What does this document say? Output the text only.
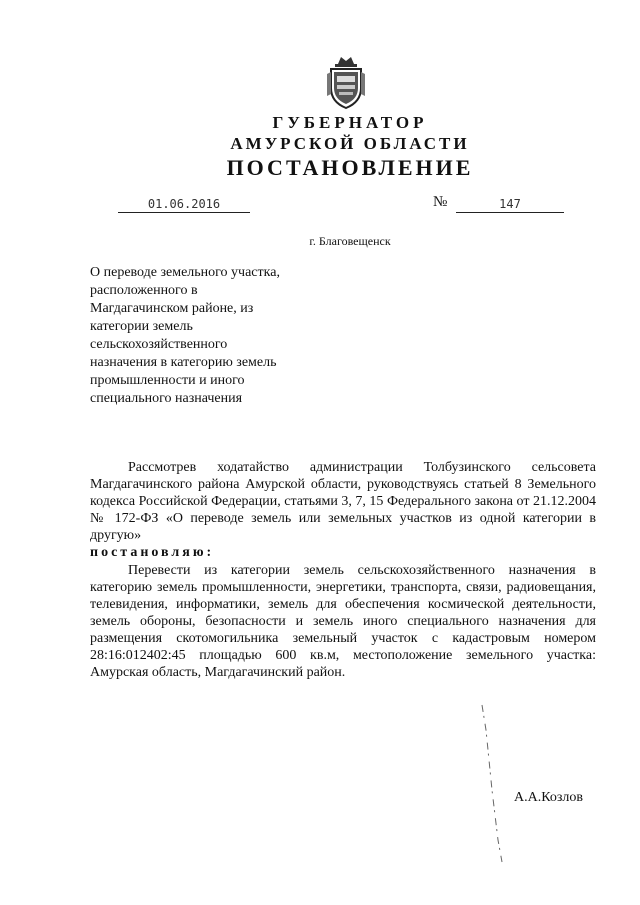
ГУБЕРНАТОР
АМУРСКОЙ ОБЛАСТИ
ПОСТАНОВЛЕНИЕ
01.06.2016	№	147
г. Благовещенск
О переводе земельного участка,
расположенного в
Магдагачинском районе, из
категории земель
сельскохозяйственного
назначения в категорию земель
промышленности и иного
специального назначения
Рассмотрев ходатайство администрации Толбузинского сельсовета Магдагачинского района Амурской области, руководствуясь статьей 8 Земельного кодекса Российской Федерации, статьями 3, 7, 15 Федерального закона от 21.12.2004 № 172-ФЗ «О переводе земель или земельных участков из одной категории в другую»
постановляю:
Перевести из категории земель сельскохозяйственного назначения в категорию земель промышленности, энергетики, транспорта, связи, радиовещания, телевидения, информатики, земель для обеспечения космической деятельности, земель обороны, безопасности и земель иного специального назначения для размещения скотомогильника земельный участок с кадастровым номером 28:16:012402:45 площадью 600 кв.м, местоположение земельного участка: Амурская область, Магдагачинский район.
А.А.Козлов
